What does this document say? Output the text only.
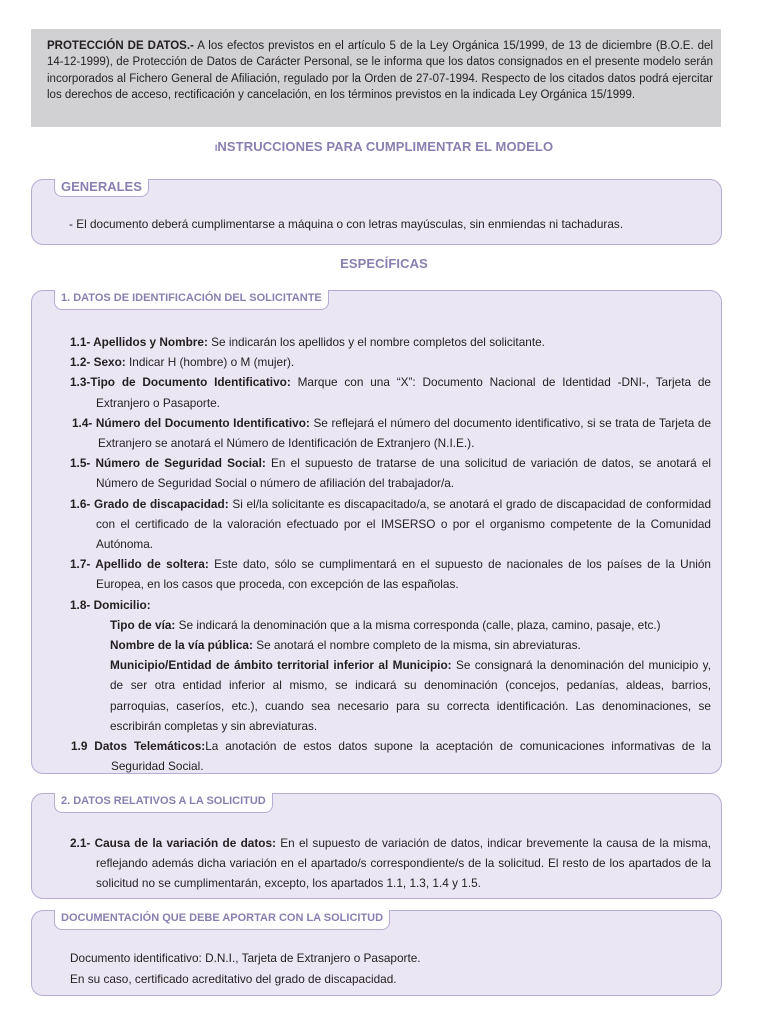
PROTECCIÓN DE DATOS.- A los efectos previstos en el artículo 5 de la Ley Orgánica 15/1999, de 13 de diciembre (B.O.E. del 14-12-1999), de Protección de Datos de Carácter Personal, se le informa que los datos consignados en el presente modelo serán incorporados al Fichero General de Afiliación, regulado por la Orden de 27-07-1994. Respecto de los citados datos podrá ejercitar los derechos de acceso, rectificación y cancelación, en los términos previstos en la indicada Ley Orgánica 15/1999.
INSTRUCCIONES PARA CUMPLIMENTAR EL MODELO
GENERALES

- El documento deberá cumplimentarse a máquina o con letras mayúsculas, sin enmiendas ni tachaduras.

ESPECÍFICAS
1. DATOS DE IDENTIFICACIÓN DEL SOLICITANTE

1.1- Apellidos y Nombre: Se indicarán los apellidos y el nombre completos del solicitante.

1.2- Sexo: Indicar H (hombre) o M (mujer).

1.3-Tipo de Documento Identificativo: Marque con una “X”: Documento Nacional de Identidad -DNI-, Tarjeta de Extranjero o Pasaporte.

1.4- Número del Documento Identificativo: Se reflejará el número del documento identificativo, si se trata de Tarjeta de Extranjero se anotará el Número de Identificación de Extranjero (N.I.E.).

1.5- Número de Seguridad Social: En el supuesto de tratarse de una solicitud de variación de datos, se anotará el Número de Seguridad Social o número de afiliación del trabajador/a.

1.6- Grado de discapacidad: Si el/la solicitante es discapacitado/a, se anotará el grado de discapacidad de conformidad con el certificado de la valoración efectuado por el IMSERSO o por el organismo competente de la Comunidad Autónoma.

1.7- Apellido de soltera: Este dato, sólo se cumplimentará en el supuesto de nacionales de los países de la Unión Europea, en los casos que proceda, con excepción de las españolas.

1.8- Domicilio:

Tipo de vía: Se indicará la denominación que a la misma corresponda (calle, plaza, camino, pasaje, etc.)

Nombre de la vía pública: Se anotará el nombre completo de la misma, sin abreviaturas.

Municipio/Entidad de ámbito territorial inferior al Municipio: Se consignará la denominación del municipio y, de ser otra entidad inferior al mismo, se indicará su denominación (concejos, pedanías, aldeas, barrios, parroquias, caseríos, etc.), cuando sea necesario para su correcta identificación. Las denominaciones, se escribirán completas y sin abreviaturas.

1.9 Datos Telemáticos:La anotación de estos datos supone la aceptación de comunicaciones informativas de la Seguridad Social.

2. DATOS RELATIVOS A LA SOLICITUD

2.1- Causa de la variación de datos: En el supuesto de variación de datos, indicar brevemente la causa de la misma, reflejando además dicha variación en el apartado/s correspondiente/s de la solicitud. El resto de los apartados de la solicitud no se cumplimentarán, excepto, los apartados 1.1, 1.3, 1.4 y 1.5.

DOCUMENTACIÓN QUE DEBE APORTAR CON LA SOLICITUD

Documento identificativo: D.N.I., Tarjeta de Extranjero o Pasaporte.

En su caso, certificado acreditativo del grado de discapacidad.
